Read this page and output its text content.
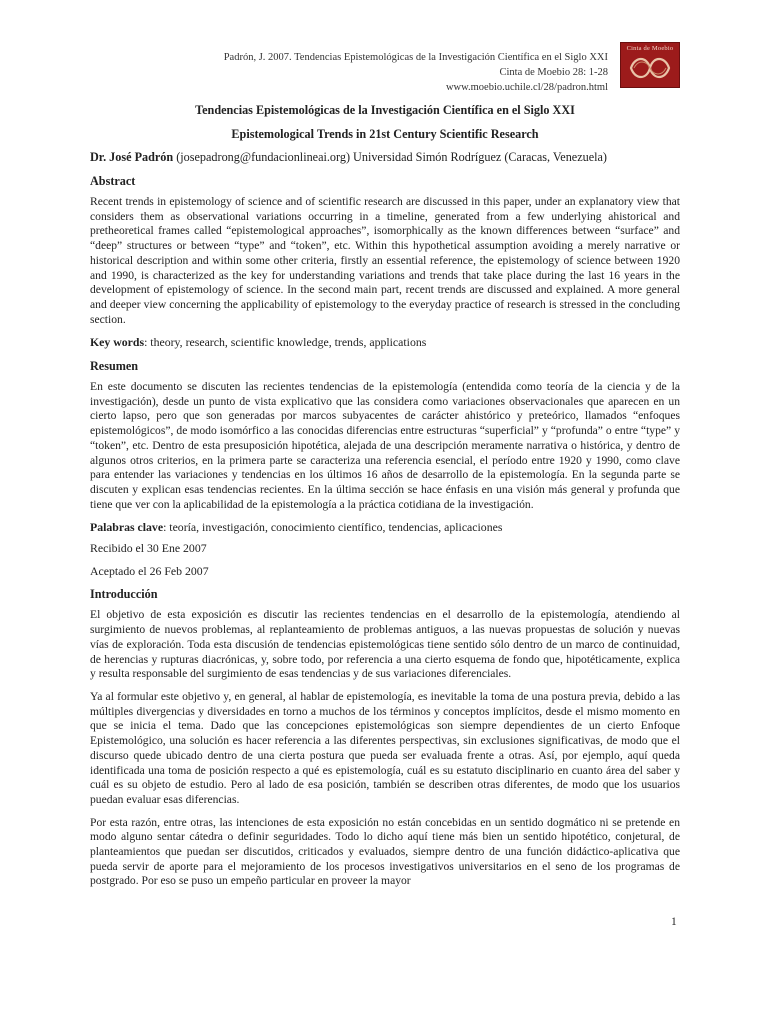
Padrón, J. 2007. Tendencias Epistemológicas de la Investigación Científica en el Siglo XXI
Cinta de Moebio 28: 1-28
www.moebio.uchile.cl/28/padron.html
Cinta de Moebio
Tendencias Epistemológicas de la Investigación Científica en el Siglo XXI
Epistemological Trends in 21st Century Scientific Research
Dr. José Padrón (josepadrong@fundacionlineai.org) Universidad Simón Rodríguez (Caracas, Venezuela)
Abstract

Recent trends in epistemology of science and of scientific research are discussed in this paper, under an explanatory view that considers them as observational variations occurring in a timeline, generated from a few underlying ahistorical and pretheoretical frames called “epistemological approaches”, isomorphically as the known differences between “surface” and “deep” structures or between “type” and “token”, etc. Within this hypothetical assumption avoiding a merely narrative or historical description and within some other criteria, firstly an essential reference, the epistemology of science between 1920 and 1990, is characterized as the key for understanding variations and trends that take place during the last 16 years in the development of epistemology of science. In the second main part, recent trends are discussed and explained. A more general and deeper view concerning the applicability of epistemology to the everyday practice of research is stressed in the concluding section.

Key words: theory, research, scientific knowledge, trends, applications

Resumen

En este documento se discuten las recientes tendencias de la epistemología (entendida como teoría de la ciencia y de la investigación), desde un punto de vista explicativo que las considera como variaciones observacionales que aparecen en un cierto lapso, pero que son generadas por marcos subyacentes de carácter ahistórico y preteórico, llamados “enfoques epistemológicos”, de modo isomórfico a las conocidas diferencias entre estructuras “superficial” y “profunda” o entre “type” y “token”, etc. Dentro de esta presuposición hipotética, alejada de una descripción meramente narrativa o histórica, y dentro de algunos otros criterios, en la primera parte se caracteriza una referencia esencial, el período entre 1920 y 1990, como clave para entender las variaciones y tendencias en los últimos 16 años de desarrollo de la epistemología. En la segunda parte se discuten y explican esas tendencias recientes. En la última sección se hace énfasis en una visión más general y profunda que tiene que ver con la aplicabilidad de la epistemología a la práctica cotidiana de la investigación.

Palabras clave: teoría, investigación, conocimiento científico, tendencias, aplicaciones

Recibido el 30 Ene 2007

Aceptado el 26 Feb 2007

Introducción

El objetivo de esta exposición es discutir las recientes tendencias en el desarrollo de la epistemología, atendiendo al surgimiento de nuevos problemas, al replanteamiento de problemas antiguos, a las nuevas propuestas de solución y nuevas vías de exploración. Toda esta discusión de tendencias epistemológicas tiene sentido sólo dentro de un marco de continuidad, de herencias y rupturas diacrónicas, y, sobre todo, por referencia a una cierto esquema de fondo que, hipotéticamente, explica y resulta responsable del surgimiento de esas tendencias y de sus variaciones diferenciales.

Ya al formular este objetivo y, en general, al hablar de epistemología, es inevitable la toma de una postura previa, debido a las múltiples divergencias y diversidades en torno a muchos de los términos y conceptos implícitos, desde el mismo momento en que se inicia el tema. Dado que las concepciones epistemológicas son siempre dependientes de un cierto Enfoque Epistemológico, una solución es hacer referencia a las diferentes perspectivas, sin exclusiones significativas, de modo que el discurso quede ubicado dentro de una cierta postura que pueda ser evaluada frente a otras. Así, por ejemplo, aquí queda identificada una toma de posición respecto a qué es epistemología, cuál es su estatuto disciplinario en cuanto área del saber y cuál es su objeto de estudio. Pero al lado de esa posición, también se describen otras diferentes, de modo que los usuarios puedan evaluar esas diferencias.

Por esta razón, entre otras, las intenciones de esta exposición no están concebidas en un sentido dogmático ni se pretende en modo alguno sentar cátedra o definir seguridades. Todo lo dicho aquí tiene más bien un sentido hipotético, conjetural, de planteamientos que puedan ser discutidos, criticados y evaluados, siempre dentro de una función didáctico-aplicativa que pueda servir de aporte para el mejoramiento de los procesos investigativos universitarios en el seno de los programas de postgrado. Por eso se puso un empeño particular en proveer la mayor

1
